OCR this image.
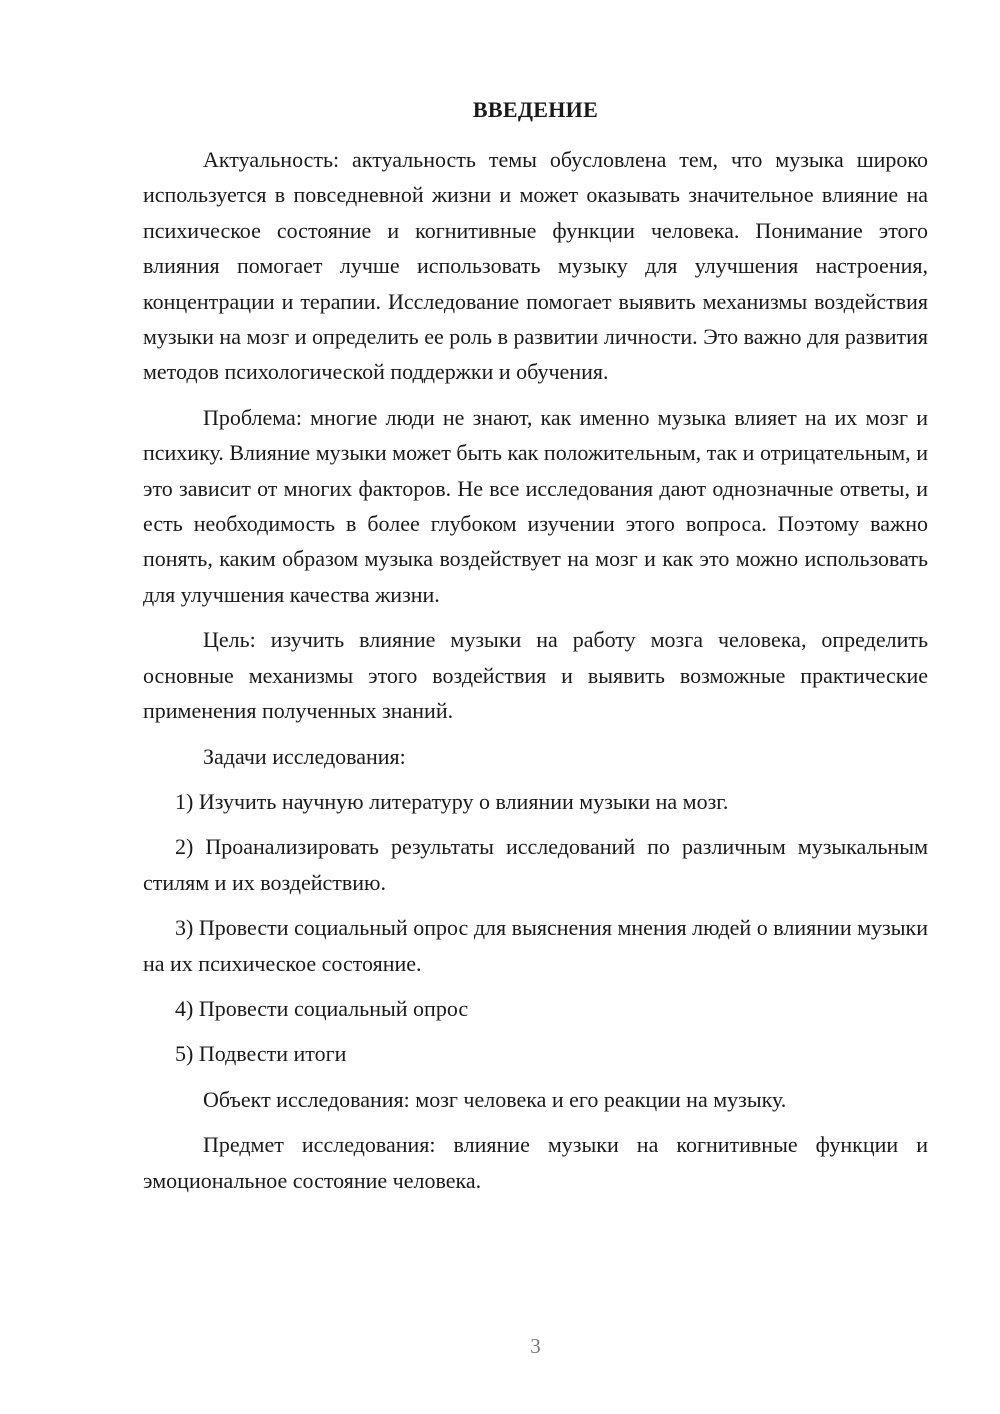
ВВЕДЕНИЕ

Актуальность: актуальность темы обусловлена тем, что музыка широко используется в повседневной жизни и может оказывать значительное влияние на психическое состояние и когнитивные функции человека. Понимание этого влияния помогает лучше использовать музыку для улучшения настроения, концентрации и терапии. Исследование помогает выявить механизмы воздействия музыки на мозг и определить ее роль в развитии личности. Это важно для развития методов психологической поддержки и обучения.

Проблема: многие люди не знают, как именно музыка влияет на их мозг и психику. Влияние музыки может быть как положительным, так и отрицательным, и это зависит от многих факторов. Не все исследования дают однозначные ответы, и есть необходимость в более глубоком изучении этого вопроса. Поэтому важно понять, каким образом музыка воздействует на мозг и как это можно использовать для улучшения качества жизни.

Цель: изучить влияние музыки на работу мозга человека, определить основные механизмы этого воздействия и выявить возможные практические применения полученных знаний.

Задачи исследования:

1) Изучить научную литературу о влиянии музыки на мозг.

2) Проанализировать результаты исследований по различным музыкальным стилям и их воздействию.

3) Провести социальный опрос для выяснения мнения людей о влиянии музыки на их психическое состояние.

4) Провести социальный опрос

5) Подвести итоги

Объект исследования: мозг человека и его реакции на музыку.

Предмет исследования: влияние музыки на когнитивные функции и эмоциональное состояние человека.

3
